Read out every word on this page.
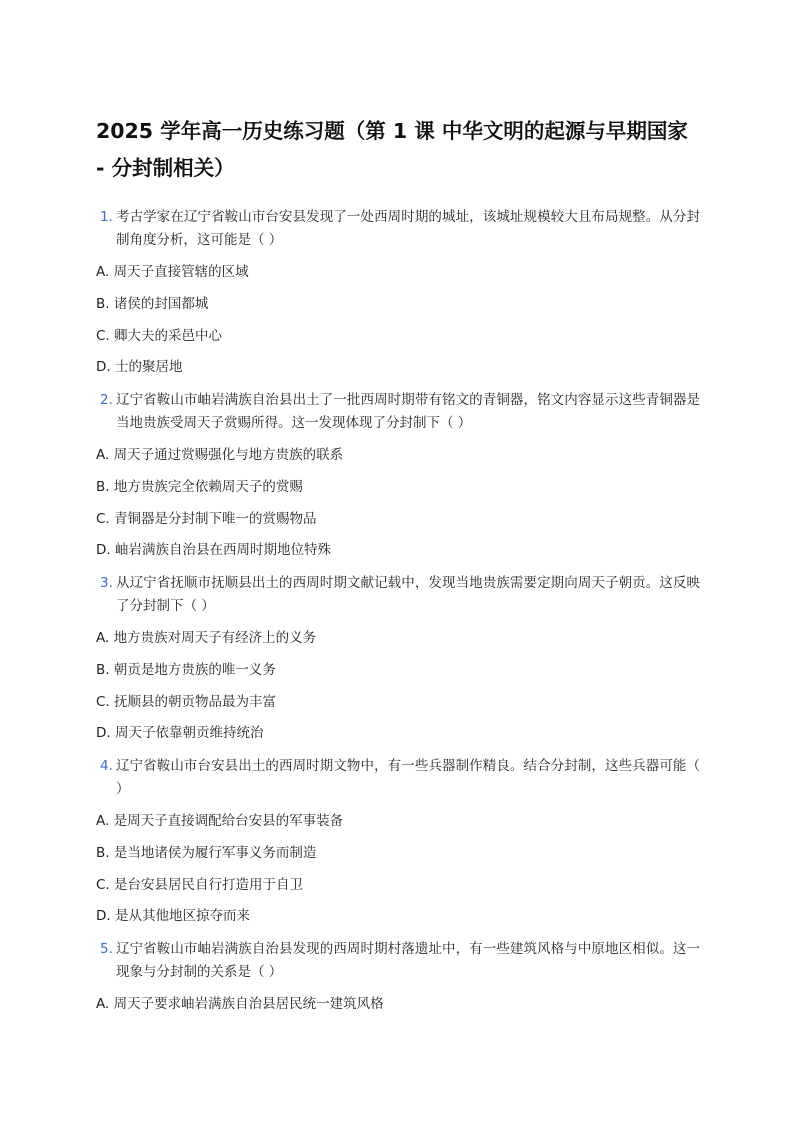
2025 学年高一历史练习题（第 1 课 中华文明的起源与早期国家 - 分封制相关）
1. 考古学家在辽宁省鞍山市台安县发现了一处西周时期的城址，该城址规模较大且布局规整。从分封制角度分析，这可能是（ ）
A. 周天子直接管辖的区域
B. 诸侯的封国都城
C. 卿大夫的采邑中心
D. 士的聚居地
2. 辽宁省鞍山市岫岩满族自治县出土了一批西周时期带有铭文的青铜器，铭文内容显示这些青铜器是当地贵族受周天子赏赐所得。这一发现体现了分封制下（ ）
A. 周天子通过赏赐强化与地方贵族的联系
B. 地方贵族完全依赖周天子的赏赐
C. 青铜器是分封制下唯一的赏赐物品
D. 岫岩满族自治县在西周时期地位特殊
3. 从辽宁省抚顺市抚顺县出土的西周时期文献记载中，发现当地贵族需要定期向周天子朝贡。这反映了分封制下（ ）
A. 地方贵族对周天子有经济上的义务
B. 朝贡是地方贵族的唯一义务
C. 抚顺县的朝贡物品最为丰富
D. 周天子依靠朝贡维持统治
4. 辽宁省鞍山市台安县出土的西周时期文物中，有一些兵器制作精良。结合分封制，这些兵器可能（ ）
A. 是周天子直接调配给台安县的军事装备
B. 是当地诸侯为履行军事义务而制造
C. 是台安县居民自行打造用于自卫
D. 是从其他地区掠夺而来
5. 辽宁省鞍山市岫岩满族自治县发现的西周时期村落遗址中，有一些建筑风格与中原地区相似。这一现象与分封制的关系是（ ）
A. 周天子要求岫岩满族自治县居民统一建筑风格
